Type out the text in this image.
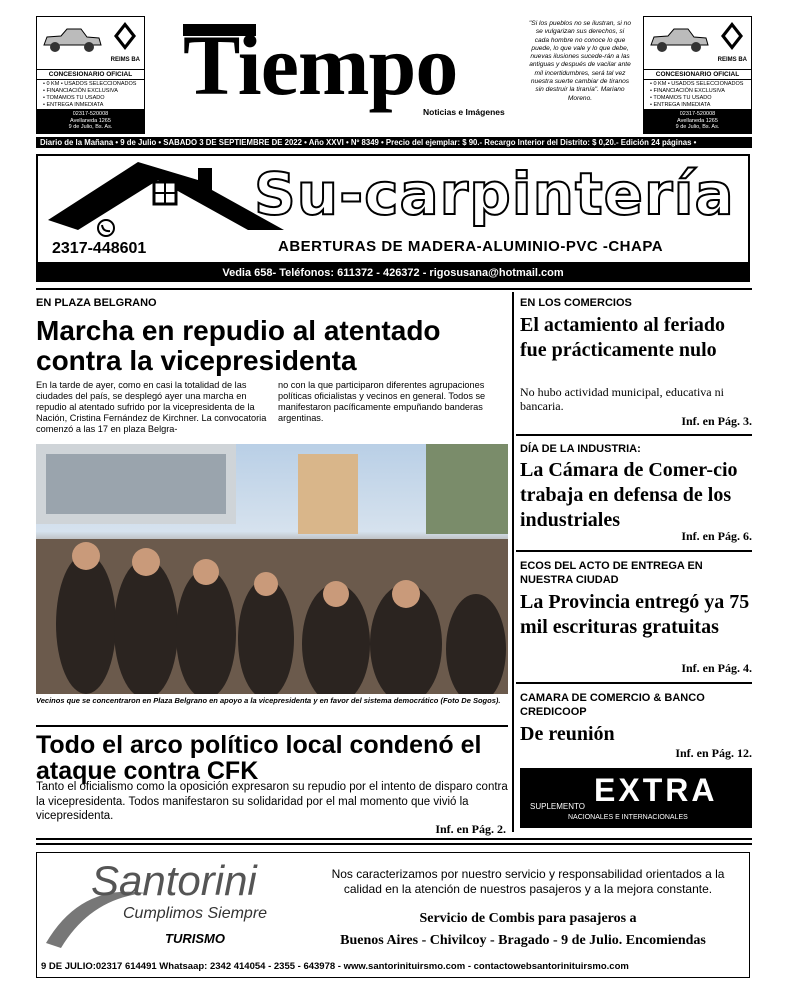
REIMS BA
CONCESIONARIO OFICIAL
• 0 KM • USADOS SELECCIONADOS
• FINANCIACIÓN EXCLUSIVA
• TOMAMOS TU USADO
• ENTREGA INMEDIATA
02317-520008
Avellaneda 1265
9 de Julio, Bs. As.
Tiempo
Noticias e Imágenes
"Si los pueblos no se ilustran, si no se vulgarizan sus derechos, si cada hombre no conoce lo que puede, lo que vale y lo que debe, nuevas ilusiones sucede-rán a las antiguas y después de vacilar ante mil incertidumbres, será tal vez nuestra suerte cambiar de tiranos sin destruir la tiranía". Mariano Moreno.
REIMS BA
CONCESIONARIO OFICIAL
• 0 KM • USADOS SELECCIONADOS
• FINANCIACIÓN EXCLUSIVA
• TOMAMOS TU USADO
• ENTREGA INMEDIATA
02317-520008
Avellaneda 1265
9 de Julio, Bs. As.
Diario de la Mañana • 9 de Julio • SABADO 3 DE SEPTIEMBRE DE 2022 • Año XXVI • Nº 8349 • Precio del ejemplar: $ 90.- Recargo Interior del Distrito: $ 0,20.- Edición 24 páginas •
Su-carpintería
2317-448601	ABERTURAS DE MADERA-ALUMINIO-PVC -CHAPA
Vedia 658- Teléfonos: 611372 - 426372 - rigosusana@hotmail.com
EN PLAZA BELGRANO
Marcha en repudio al atentado contra la vicepresidenta
En la tarde de ayer, como en casi la totalidad de las ciudades del país, se desplegó ayer una marcha en repudio al atentado sufrido por la vicepresidenta de la Nación, Cristina Fernández de Kirchner. La convocatoria comenzó a las 17 en plaza Belgra-
no con la que participaron diferentes agrupaciones políticas oficialistas y vecinos en general. Todos se manifestaron pacíficamente empuñando banderas argentinas.
Vecinos que se concentraron en Plaza Belgrano en apoyo a la vicepresidenta y en favor del sistema democrático (Foto De Sogos).
Todo el arco político local condenó el ataque contra CFK
Tanto el oficialismo como la oposición expresaron su repudio por el intento de disparo contra la vicepresidenta. Todos manifestaron su solidaridad por el mal momento que vivió la vicepresidenta.
Inf. en Pág. 2.
EN LOS COMERCIOS
El actamiento al feriado fue prácticamente nulo
No hubo actividad municipal, educativa ni bancaria.
Inf. en Pág. 3.
DÍA DE LA INDUSTRIA:
La Cámara de Comer-cio trabaja en defensa de los industriales
Inf. en Pág. 6.
ECOS DEL ACTO DE ENTREGA EN NUESTRA CIUDAD
La Provincia entregó ya 75 mil escrituras gratuitas
Inf. en Pág. 4.
CAMARA DE COMERCIO & BANCO CREDICOOP
De reunión
Inf. en Pág. 12.
EXTRA
SUPLEMENTO
NACIONALES E INTERNACIONALES
Santorini
Cumplimos Siempre
TURISMO
Nos caracterizamos por nuestro servicio y responsabilidad orientados a la calidad en la atención de nuestros pasajeros y a la mejora constante.
Servicio de Combis para pasajeros a
Buenos Aires - Chivilcoy - Bragado - 9 de Julio. Encomiendas
9 DE JULIO:02317 614491 Whatsaap: 2342 414054 - 2355 - 643978 - www.santorinituirsmo.com - contactowebsantorinituirsmo.com
